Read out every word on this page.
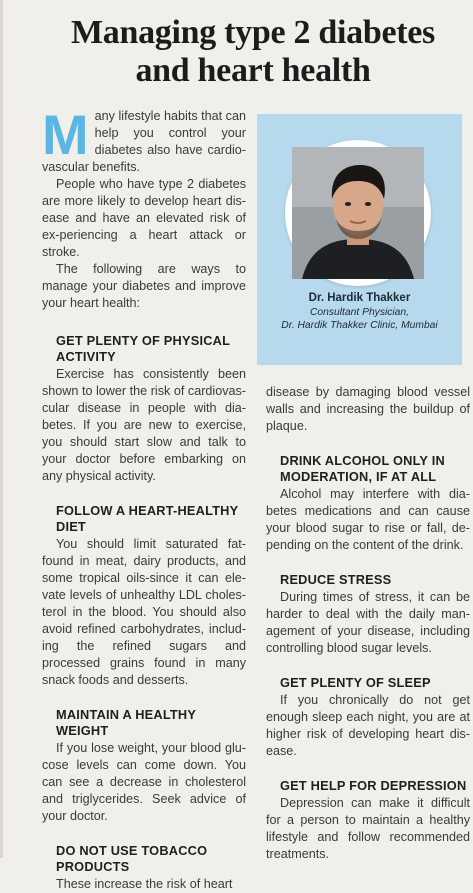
Managing type 2 diabetes
and heart health

Many lifestyle habits that can help you control your diabetes also have cardio-vascular benefits.

People who have type 2 diabetes are more likely to develop heart dis-ease and have an elevated risk of ex-periencing a heart attack or stroke.

The following are ways to manage your diabetes and improve your heart health:

GET PLENTY OF PHYSICAL ACTIVITY

Exercise has consistently been shown to lower the risk of cardiovas-cular disease in people with dia-betes. If you are new to exercise, you should start slow and talk to your doctor before embarking on any physical activity.

FOLLOW A HEART-HEALTHY DIET

You should limit saturated fat-found in meat, dairy products, and some tropical oils-since it can ele-vate levels of unhealthy LDL choles-terol in the blood. You should also avoid refined carbohydrates, includ-ing the refined sugars and processed grains found in many snack foods and desserts.

MAINTAIN A HEALTHY WEIGHT

If you lose weight, your blood glu-cose levels can come down. You can see a decrease in cholesterol and triglycerides. Seek advice of your doctor.

DO NOT USE TOBACCO PRODUCTS

These increase the risk of heart

Dr. Hardik Thakker
Consultant Physician,
Dr. Hardik Thakker Clinic, Mumbai

disease by damaging blood vessel walls and increasing the buildup of plaque.

DRINK ALCOHOL ONLY IN MODERATION, IF AT ALL

Alcohol may interfere with dia-betes medications and can cause your blood sugar to rise or fall, de-pending on the content of the drink.

REDUCE STRESS

During times of stress, it can be harder to deal with the daily man-agement of your disease, including controlling blood sugar levels.

GET PLENTY OF SLEEP

If you chronically do not get enough sleep each night, you are at higher risk of developing heart dis-ease.

GET HELP FOR DEPRESSION

Depression can make it difficult for a person to maintain a healthy lifestyle and follow recommended treatments.
